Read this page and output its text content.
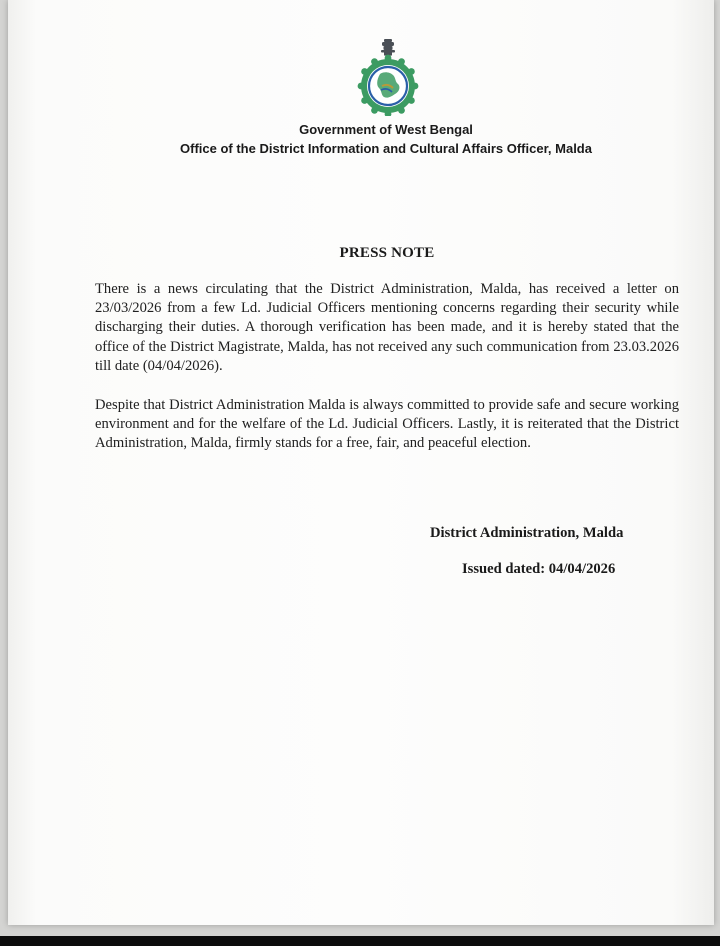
Government of West Bengal
Office of the District Information and Cultural Affairs Officer, Malda
PRESS NOTE

There is a news circulating that the District Administration, Malda, has received a letter on 23/03/2026 from a few Ld. Judicial Officers mentioning concerns regarding their security while discharging their duties. A thorough verification has been made, and it is hereby stated that the office of the District Magistrate, Malda, has not received any such communication from 23.03.2026 till date (04/04/2026).

Despite that District Administration Malda is always committed to provide safe and secure working environment and for the welfare of the Ld. Judicial Officers. Lastly, it is reiterated that the District Administration, Malda, firmly stands for a free, fair, and peaceful election.

District Administration, Malda
Issued dated: 04/04/2026
